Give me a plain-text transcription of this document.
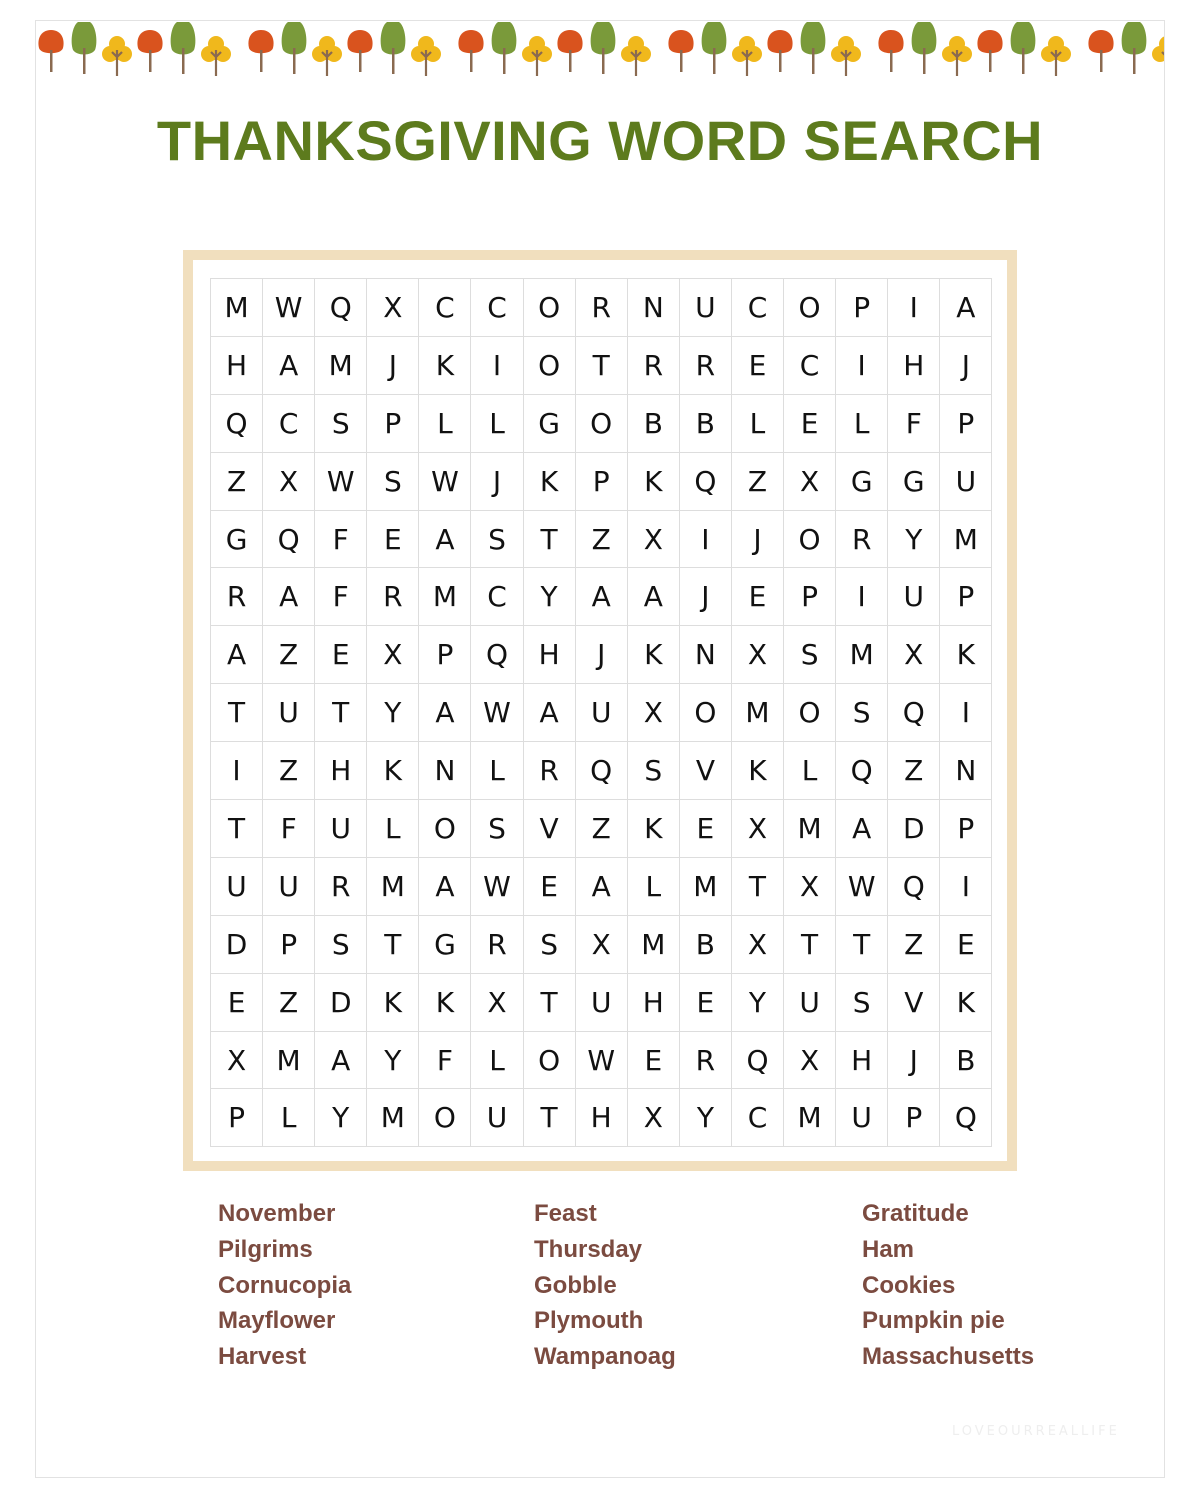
THANKSGIVING WORD SEARCH
M W Q	X	C	C	O	R	N	U	C	O	P	I	A
H	A	M	J	K	I	O	T	R	R	E	C	I	H	J
Q	C	S	P	L	L	G	O	B	B	L	E	L	F	P
Z	X	W	S	W	J	K	P	K	Q	Z	X	G	G	U
G	Q	F	E	A	S	T	Z	X	I	J	O	R	Y	M
R	A	F	R	M	C	Y	A	A	J	E	P	I	U	P
A	Z	E	X	P	Q	H	J	K	N	X	S	M	X	K
T	U	T	Y	A	W	A	U	X	O	M	O	S	Q	I
I	Z	H	K	N	L	R	Q	S	V	K	L	Q	Z	N
T	F	U	L	O	S	V	Z	K	E	X	M	A	D	P
U	U	R	M	A	W	E	A	L	M	T	X	W Q	I
D	P	S	T	G	R	S	X	M	B	X	T	T	Z	E
E	Z	D	K	K	X	T	U	H	E	Y	U	S	V	K
X	M	A	Y	F	L	O W	E	R	Q	X	H	J	B
P	L	Y	M	O	U	T	H	X	Y	C	M	U	P	Q
November
Pilgrims
Cornucopia
Mayflower
Harvest
Feast
Thursday
Gobble
Plymouth
Wampanoag
Gratitude
Ham
Cookies
Pumpkin pie
Massachusetts
LOVEOURREALLIFE
